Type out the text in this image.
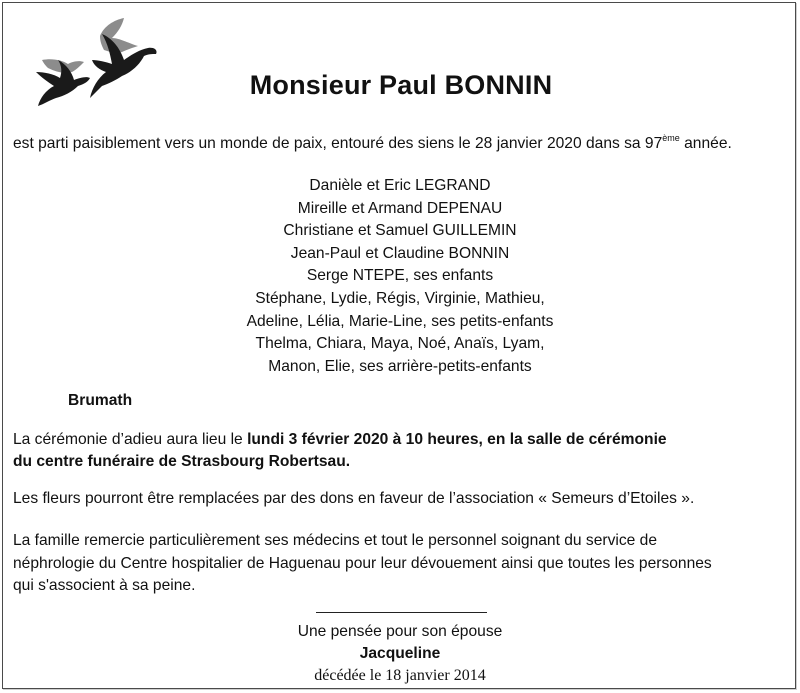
Monsieur Paul BONNIN
est parti paisiblement vers un monde de paix, entouré des siens le 28 janvier 2020 dans sa 97ème année.
Danièle et Eric LEGRAND
Mireille et Armand DEPENAU
Christiane et Samuel GUILLEMIN
Jean-Paul et Claudine BONNIN
Serge NTEPE, ses enfants
Stéphane, Lydie, Régis, Virginie, Mathieu,
Adeline, Lélia, Marie-Line, ses petits-enfants
Thelma, Chiara, Maya, Noé, Anaïs, Lyam,
Manon, Elie, ses arrière-petits-enfants
Brumath
La cérémonie d’adieu aura lieu le lundi 3 février 2020 à 10 heures, en la salle de cérémonie
du centre funéraire de Strasbourg Robertsau.
Les fleurs pourront être remplacées par des dons en faveur de l’association « Semeurs d’Etoiles ».
La famille remercie particulièrement ses médecins et tout le personnel soignant du service de
néphrologie du Centre hospitalier de Haguenau pour leur dévouement ainsi que toutes les personnes
qui s'associent à sa peine.
Une pensée pour son épouse
Jacqueline
décédée le 18 janvier 2014
